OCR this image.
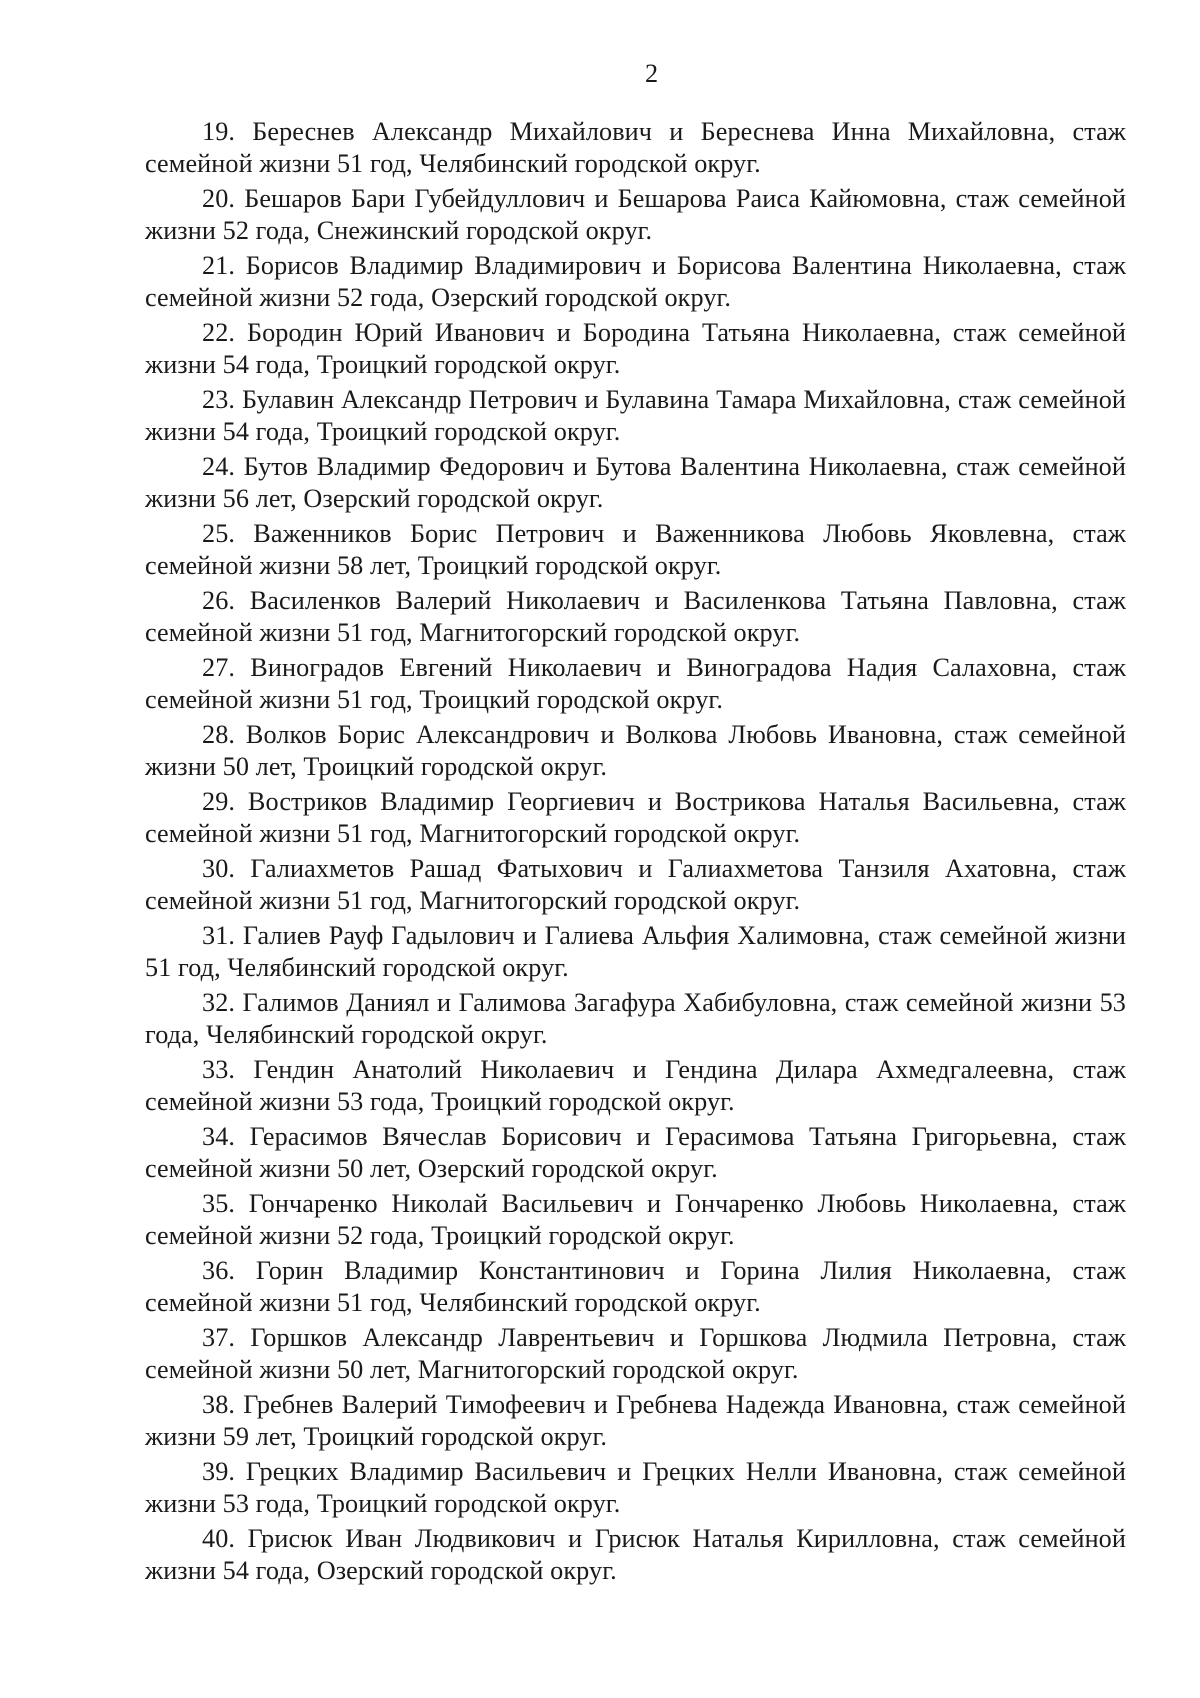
2

19. Береснев Александр Михайлович и Береснева Инна Михайловна, стаж семейной жизни 51 год, Челябинский городской округ.

20. Бешаров Бари Губейдуллович и Бешарова Раиса Кайюмовна, стаж семейной жизни 52 года, Снежинский городской округ.

21. Борисов Владимир Владимирович и Борисова Валентина Николаевна, стаж семейной жизни 52 года, Озерский городской округ.

22. Бородин Юрий Иванович и Бородина Татьяна Николаевна, стаж семейной жизни 54 года, Троицкий городской округ.

23. Булавин Александр Петрович и Булавина Тамара Михайловна, стаж семейной жизни 54 года, Троицкий городской округ.

24. Бутов Владимир Федорович и Бутова Валентина Николаевна, стаж семейной жизни 56 лет, Озерский городской округ.

25. Важенников Борис Петрович и Важенникова Любовь Яковлевна, стаж семейной жизни 58 лет, Троицкий городской округ.

26. Василенков Валерий Николаевич и Василенкова Татьяна Павловна, стаж семейной жизни 51 год, Магнитогорский городской округ.

27. Виноградов Евгений Николаевич и Виноградова Надия Салаховна, стаж семейной жизни 51 год, Троицкий городской округ.

28. Волков Борис Александрович и Волкова Любовь Ивановна, стаж семейной жизни 50 лет, Троицкий городской округ.

29. Востриков Владимир Георгиевич и Вострикова Наталья Васильевна, стаж семейной жизни 51 год, Магнитогорский городской округ.

30. Галиахметов Рашад Фатыхович и Галиахметова Танзиля Ахатовна, стаж семейной жизни 51 год, Магнитогорский городской округ.

31. Галиев Рауф Гадылович и Галиева Альфия Халимовна, стаж семейной жизни 51 год, Челябинский городской округ.

32. Галимов Даниял и Галимова Загафура Хабибуловна, стаж семейной жизни 53 года, Челябинский городской округ.

33. Гендин Анатолий Николаевич и Гендина Дилара Ахмедгалеевна, стаж семейной жизни 53 года, Троицкий городской округ.

34. Герасимов Вячеслав Борисович и Герасимова Татьяна Григорьевна, стаж семейной жизни 50 лет, Озерский городской округ.

35. Гончаренко Николай Васильевич и Гончаренко Любовь Николаевна, стаж семейной жизни 52 года, Троицкий городской округ.

36. Горин Владимир Константинович и Горина Лилия Николаевна, стаж семейной жизни 51 год, Челябинский городской округ.

37. Горшков Александр Лаврентьевич и Горшкова Людмила Петровна, стаж семейной жизни 50 лет, Магнитогорский городской округ.

38. Гребнев Валерий Тимофеевич и Гребнева Надежда Ивановна, стаж семейной жизни 59 лет, Троицкий городской округ.

39. Грецких Владимир Васильевич и Грецких Нелли Ивановна, стаж семейной жизни 53 года, Троицкий городской округ.

40. Грисюк Иван Людвикович и Грисюк Наталья Кирилловна, стаж семейной жизни 54 года, Озерский городской округ.
